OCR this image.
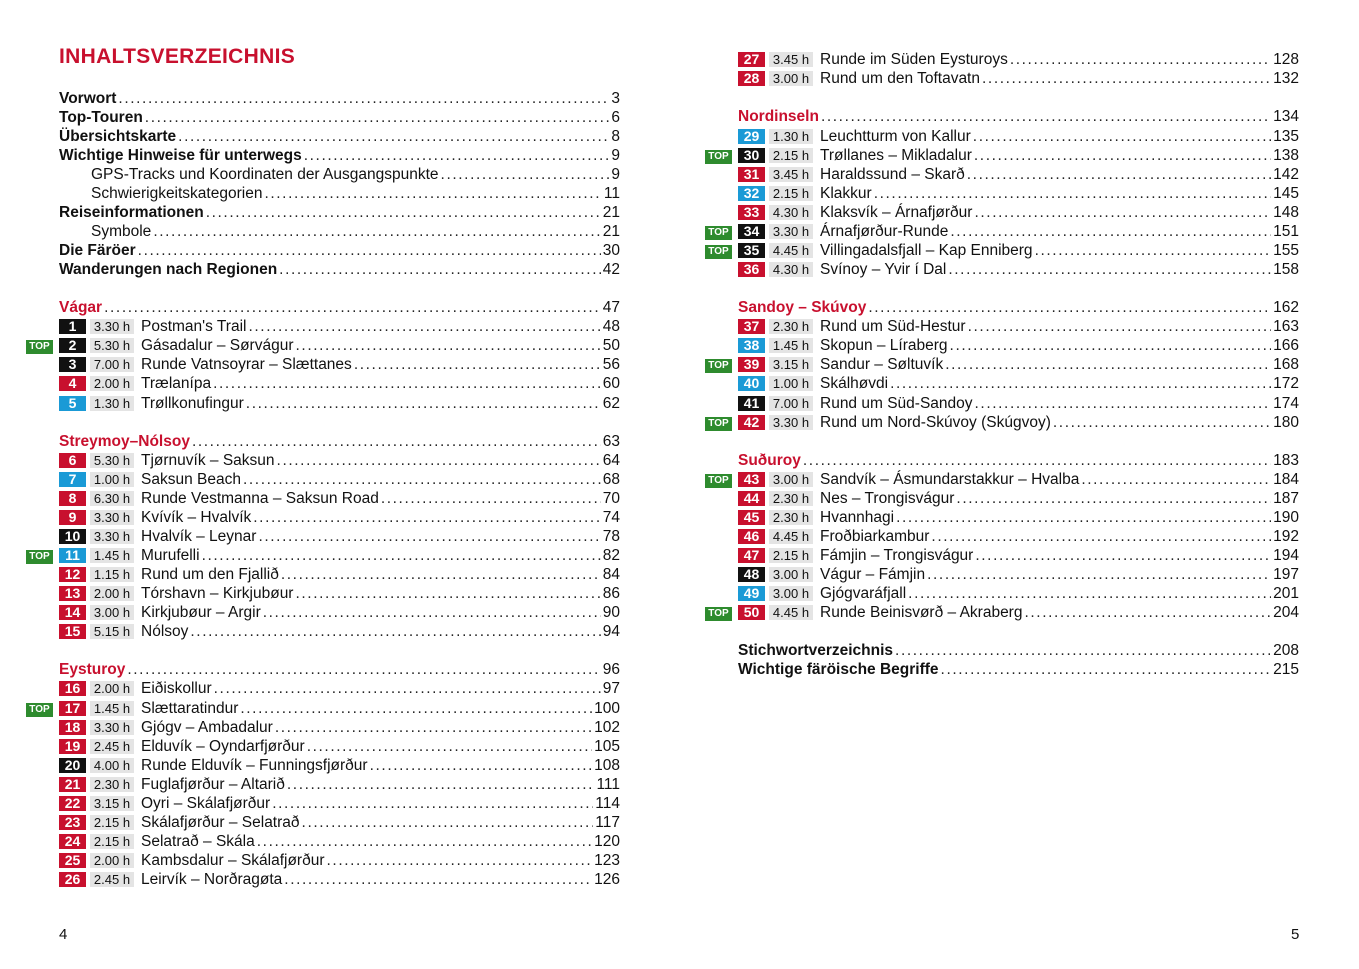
INHALTSVERZEICHNIS
Vorwort .....	3
Top-Touren .....	6
Übersichtskarte .....	8
Wichtige Hinweise für unterwegs .....	9
GPS-Tracks und Koordinaten der Ausgangspunkte .....	9
Schwierigkeitskategorien .....	11
Reiseinformationen .....	21
Symbole .....	21
Die Färöer .....	30
Wanderungen nach Regionen .....	42
Vágar .....	47
1	3.30 h Postman's Trail .....	48
TOP	2	5.30 h Gásadalur – Sørvágur .....	50
3	7.00 h Runde Vatnsoyrar – Slættanes .....	56
4	2.00 h Trælanípa .....	60
5	1.30 h Trøllkonufingur .....	62
Streymoy–Nólsoy .....	63
6	5.30 h Tjørnuvík – Saksun .....	64
7	1.00 h Saksun Beach .....	68
8	6.30 h Runde Vestmanna – Saksun Road .....	70
9	3.30 h Kvívík – Hvalvík .....	74
10	3.30 h Hvalvík – Leynar .....	78
TOP	11	1.45 h Murufelli .....	82
12	1.15 h Rund um den Fjallið .....	84
13	2.00 h Tórshavn – Kirkjubøur .....	86
14	3.00 h Kirkjubøur – Argir .....	90
15	5.15 h Nólsoy .....	94
Eysturoy .....	96
16	2.00 h Eiðiskollur .....	97
TOP	17	1.45 h Slættaratindur .....	100
18	3.30 h Gjógv – Ambadalur .....	102
19	2.45 h Elduvík – Oyndarfjørður .....	105
20	4.00 h Runde Elduvík – Funningsfjørður .....	108
21	2.30 h Fuglafjørður – Altarið .....	111
22	3.15 h Oyri – Skálafjørður .....	114
23	2.15 h Skálafjørður – Selatrað .....	117
24	2.15 h Selatrað – Skála .....	120
25	2.00 h Kambsdalur – Skálafjørður .....	123
26	2.45 h Leirvík – Norðragøta .....	126
27	3.45 h Runde im Süden Eysturoys .....	128
28	3.00 h Rund um den Toftavatn .....	132
Nordinseln .....	134
29	1.30 h Leuchtturm von Kallur .....	135
TOP	30	2.15 h Trøllanes – Mikladalur .....	138
31	3.45 h Haraldssund – Skarð .....	142
32	2.15 h Klakkur .....	145
33	4.30 h Klaksvík – Árnafjørður .....	148
TOP	34	3.30 h Árnafjørður-Runde .....	151
TOP	35	4.45 h Villingadalsfjall – Kap Enniberg .....	155
36	4.30 h Svínoy – Yvir í Dal .....	158
Sandoy – Skúvoy .....	162
37	2.30 h Rund um Süd-Hestur .....	163
38	1.45 h Skopun – Líraberg .....	166
TOP	39	3.15 h Sandur – Søltuvík .....	168
40	1.00 h Skálhøvdi .....	172
41	7.00 h Rund um Süd-Sandoy .....	174
TOP	42	3.30 h Rund um Nord-Skúvoy (Skúgvoy) .....	180
Suðuroy .....	183
TOP	43	3.00 h Sandvík – Ásmundarstakkur – Hvalba .....	184
44	2.30 h Nes – Trongisvágur .....	187
45	2.30 h Hvannhagi .....	190
46	4.45 h Froðbiarkambur .....	192
47	2.15 h Fámjin – Trongisvágur .....	194
48	3.00 h Vágur – Fámjin .....	197
49	3.00 h Gjógvaráfjall .....	201
TOP	50	4.45 h Runde Beinisvørð – Akraberg .....	204
Stichwortverzeichnis .....	208
Wichtige färöische Begriffe .....	215
4	5
